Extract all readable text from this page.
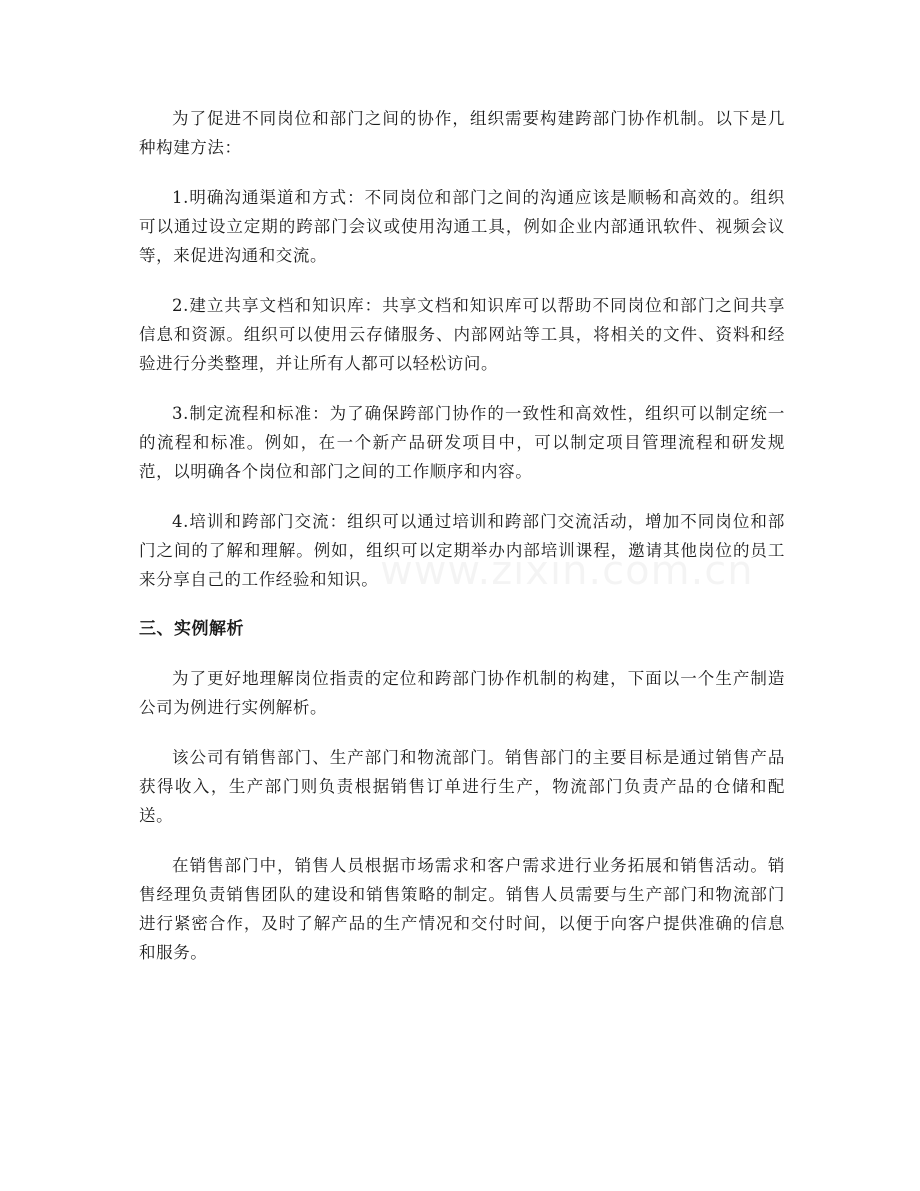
为了促进不同岗位和部门之间的协作，组织需要构建跨部门协作机制。以下是几种构建方法：

1.明确沟通渠道和方式：不同岗位和部门之间的沟通应该是顺畅和高效的。组织可以通过设立定期的跨部门会议或使用沟通工具，例如企业内部通讯软件、视频会议等，来促进沟通和交流。

2.建立共享文档和知识库：共享文档和知识库可以帮助不同岗位和部门之间共享信息和资源。组织可以使用云存储服务、内部网站等工具，将相关的文件、资料和经验进行分类整理，并让所有人都可以轻松访问。

3.制定流程和标准：为了确保跨部门协作的一致性和高效性，组织可以制定统一的流程和标准。例如，在一个新产品研发项目中，可以制定项目管理流程和研发规范，以明确各个岗位和部门之间的工作顺序和内容。

4.培训和跨部门交流：组织可以通过培训和跨部门交流活动，增加不同岗位和部门之间的了解和理解。例如，组织可以定期举办内部培训课程，邀请其他岗位的员工来分享自己的工作经验和知识。

三、实例解析

为了更好地理解岗位指责的定位和跨部门协作机制的构建，下面以一个生产制造公司为例进行实例解析。

该公司有销售部门、生产部门和物流部门。销售部门的主要目标是通过销售产品获得收入，生产部门则负责根据销售订单进行生产，物流部门负责产品的仓储和配送。

在销售部门中，销售人员根据市场需求和客户需求进行业务拓展和销售活动。销售经理负责销售团队的建设和销售策略的制定。销售人员需要与生产部门和物流部门进行紧密合作，及时了解产品的生产情况和交付时间，以便于向客户提供准确的信息和服务。
